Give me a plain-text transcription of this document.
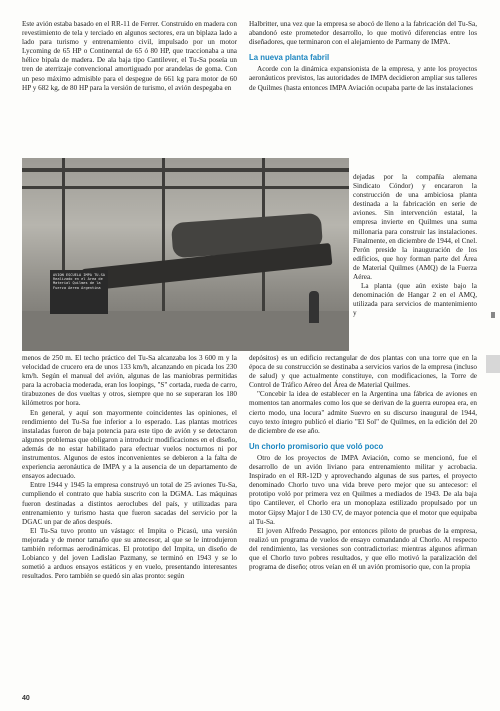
Este avión estaba basado en el RR-11 de Ferrer. Construido en madera con revestimiento de tela y terciado en algunos sectores, era un biplaza lado a lado para turismo y entrenamiento civil, impulsado por un motor Lycoming de 65 HP o Continental de 65 ó 80 HP, que traccionaba a una hélice bipala de madera. De ala baja tipo Cantilever, el Tu-Sa poseía un tren de aterrizaje convencional amortiguado por arandelas de goma. Con un peso máximo admisible para el despegue de 661 kg para motor de 60 HP y 682 kg, de 80 HP para la versión de turismo, el avión despegaba en

Halbritter, una vez que la empresa se abocó de lleno a la fabricación del Tu-Sa, abandonó este prometedor desarrollo, lo que motivó diferencias entre los diseñadores, que terminaron con el alejamiento de Parmany de IMPA.

La nueva planta fabril

Acorde con la dinámica expansionista de la empresa, y ante los proyectos aeronáuticos previstos, las autoridades de IMPA decidieron ampliar sus talleres de Quilmes (hasta entonces IMPA Aviación ocupaba parte de las instalaciones

AVION ESCUELA IMPA TU-SA Realizado en el Area de Material Quilmes de la Fuerza Aerea Argentina

dejadas por la compañía alemana Sindicato Cóndor) y encararon la construcción de una ambiciosa planta destinada a la fabricación en serie de aviones. Sin intervención estatal, la empresa invierte en Quilmes una suma millonaria para construir las instalaciones. Finalmente, en diciembre de 1944, el Cnel. Perón preside la inauguración de los edificios, que hoy forman parte del Área de Material Quilmes (AMQ) de la Fuerza Aérea.

La planta (que aún existe bajo la denominación de Hangar 2 en el AMQ, utilizada para servicios de mantenimiento y

menos de 250 m. El techo práctico del Tu-Sa alcanzaba los 3 600 m y la velocidad de crucero era de unos 133 km/h, alcanzando en picada los 230 km/h. Según el manual del avión, algunas de las maniobras permitidas para la acrobacia moderada, eran los loopings, "S" cortada, rueda de carro, tirabuzones de dos vueltas y otros, siempre que no se superaran los 180 kilómetros por hora.

En general, y aquí son mayormente coincidentes las opiniones, el rendimiento del Tu-Sa fue inferior a lo esperado. Las plantas motrices instaladas fueron de baja potencia para este tipo de avión y se detectaron algunos problemas que obligaron a introducir modificaciones en el diseño, además de no estar habilitado para efectuar vuelos nocturnos ni por instrumentos. Algunos de estos inconvenientes se debieron a la falta de experiencia aeronáutica de IMPA y a la ausencia de un departamento de ensayos adecuado.

Entre 1944 y 1945 la empresa construyó un total de 25 aviones Tu-Sa, cumpliendo el contrato que había suscrito con la DGMA. Las máquinas fueron destinadas a distintos aeroclubes del país, y utilizadas para entrenamiento y turismo hasta que fueron sacadas del servicio por la DGAC un par de años después.

El Tu-Sa tuvo pronto un vástago: el Impita o Picasú, una versión mejorada y de menor tamaño que su antecesor, al que se le introdujeron también reformas aerodinámicas. El prototipo del Impita, un diseño de Lobianco y del joven Ladislao Pazmany, se terminó en 1943 y se lo sometió a arduos ensayos estáticos y en vuelo, presentando interesantes resultados. Pero también se quedó sin alas pronto: según

depósitos) es un edificio rectangular de dos plantas con una torre que en la época de su construcción se destinaba a servicios varios de la empresa (incluso de salud) y que actualmente constituye, con modificaciones, la Torre de Control de Tráfico Aéreo del Área de Material Quilmes.

"Concebir la idea de establecer en la Argentina una fábrica de aviones en momentos tan anormales como los que se derivan de la guerra europea era, en cierto modo, una locura" admite Suevro en su discurso inaugural de 1944, cuyo texto íntegro publicó el diario "El Sol" de Quilmes, en la edición del 20 de diciembre de ese año.

Un chorlo promisorio que voló poco

Otro de los proyectos de IMPA Aviación, como se mencionó, fue el desarrollo de un avión liviano para entrenamiento militar y acrobacia. Inspirado en el RR-12D y aprovechando algunas de sus partes, el proyecto denominado Chorlo tuvo una vida breve pero mejor que su antecesor: el prototipo voló por primera vez en Quilmes a mediados de 1943. De ala baja tipo Cantilever, el Chorlo era un monoplaza estilizado propulsado por un motor Gipsy Major I de 130 CV, de mayor potencia que el motor que equipaba al Tu-Sa.

El joven Alfredo Pessagno, por entonces piloto de pruebas de la empresa, realizó un programa de vuelos de ensayo comandando al Chorlo. Al respecto del rendimiento, las versiones son contradictorias: mientras algunos afirman que el Chorlo tuvo pobres resultados, y que ello motivó la paralización del programa de diseño; otros veían en él un avión promisorio que, con la propia

40
